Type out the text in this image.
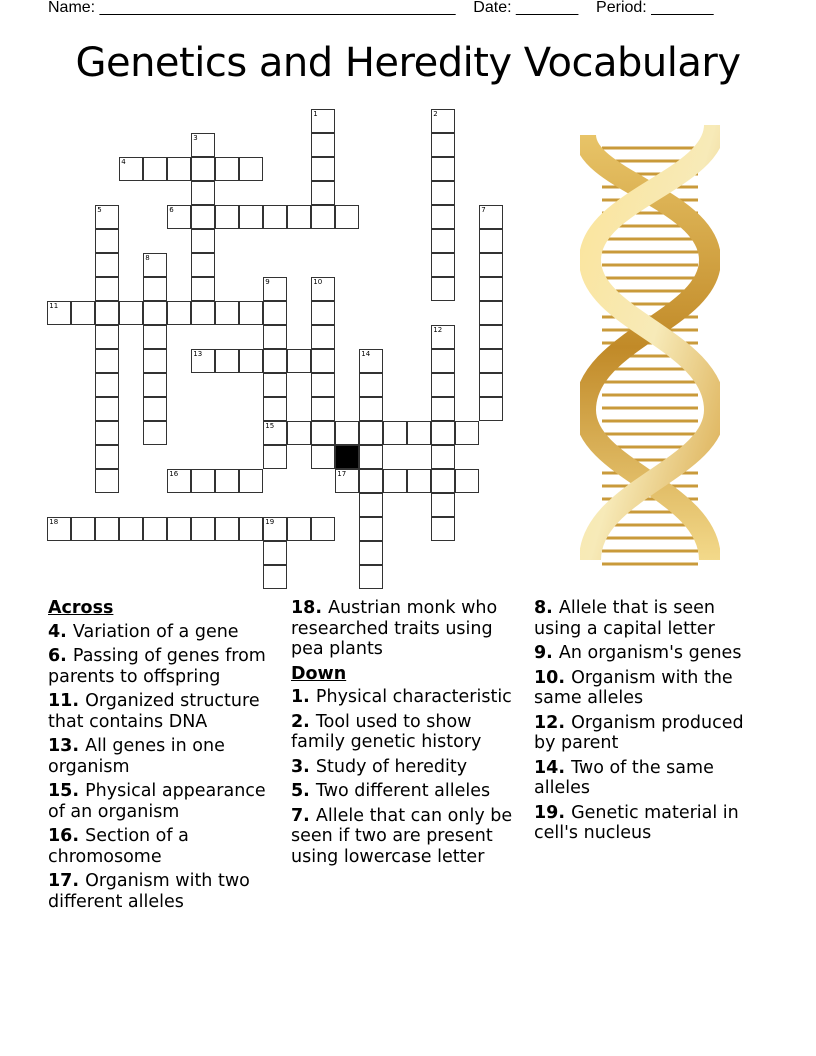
Name: ________________________________________    Date: _______    Period: _______
Genetics and Heredity Vocabulary
1	2
3
4
5	6	7
8
9
15
10
11
12
13	14
16	17
18	19
Across
4. Variation of a gene
6. Passing of genes from parents to offspring
11. Organized structure that contains DNA
13. All genes in one organism
15. Physical appearance of an organism
16. Section of a chromosome
17. Organism with two different alleles
18. Austrian monk who researched traits using pea plants
Down
1. Physical characteristic
2. Tool used to show family genetic history
3. Study of heredity
5. Two different alleles
7. Allele that can only be seen if two are present using lowercase letter
8. Allele that is seen using a capital letter
9. An organism's genes
10. Organism with the same alleles
12. Organism produced by parent
14. Two of the same alleles
19. Genetic material in cell's nucleus
